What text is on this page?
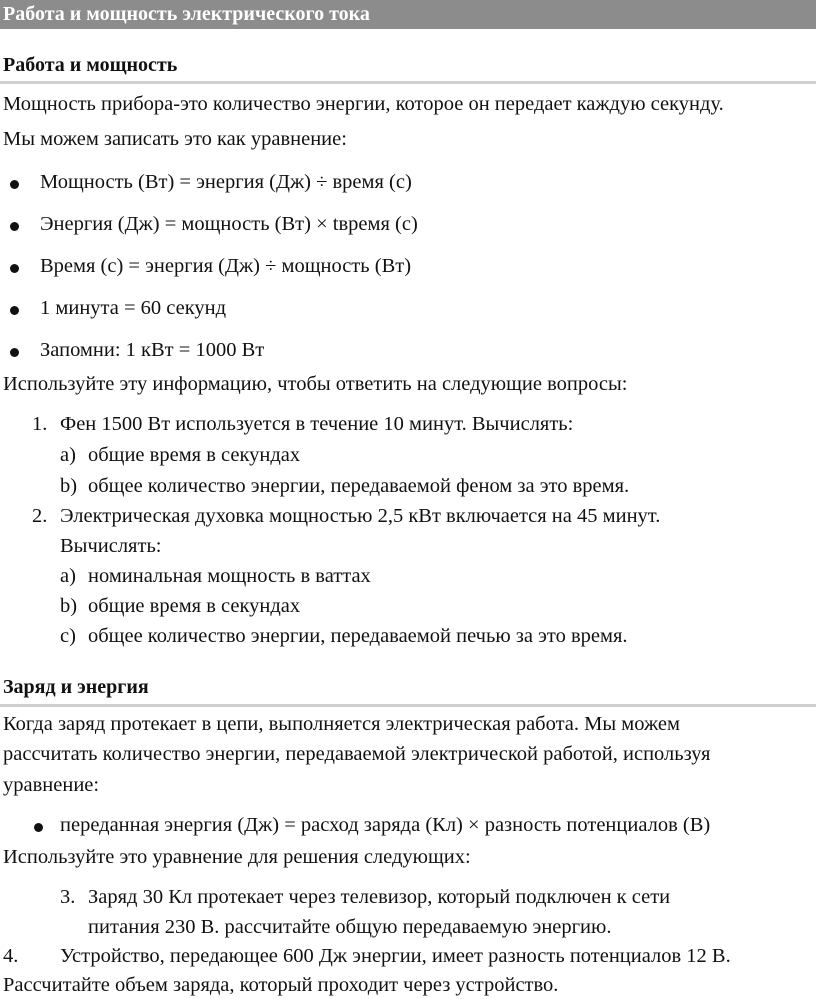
Работа и мощность электрического тока
Работа и мощность
Мощность прибора-это количество энергии, которое он передает каждую секунду.
Мы можем записать это как уравнение:
Мощность (Вт) = энергия (Дж) ÷ время (с)
Энергия (Дж) = мощность (Вт) × tвремя (с)
Время (с) = энергия (Дж) ÷ мощность (Вт)
1 минута = 60 секунд
Запомни: 1 кВт = 1000 Вт
Используйте эту информацию, чтобы ответить на следующие вопросы:
1. Фен 1500 Вт используется в течение 10 минут. Вычислять:
a) общие время в секундах
b) общее количество энергии, передаваемой феном за это время.
2. Электрическая духовка мощностью 2,5 кВт включается на 45 минут.
Вычислять:
a) номинальная мощность в ваттах
b) общие время в секундах
c) общее количество энергии, передаваемой печью за это время.
Заряд и энергия
Когда заряд протекает в цепи, выполняется электрическая работа. Мы можем
рассчитать количество энергии, передаваемой электрической работой, используя
уравнение:
переданная энергия (Дж) = расход заряда (Кл) × разность потенциалов (В)
Используйте это уравнение для решения следующих:
3. Заряд 30 Кл протекает через телевизор, который подключен к сети
питания 230 В. рассчитайте общую передаваемую энергию.
4. Устройство, передающее 600 Дж энергии, имеет разность потенциалов 12 В.
Рассчитайте объем заряда, который проходит через устройство.
